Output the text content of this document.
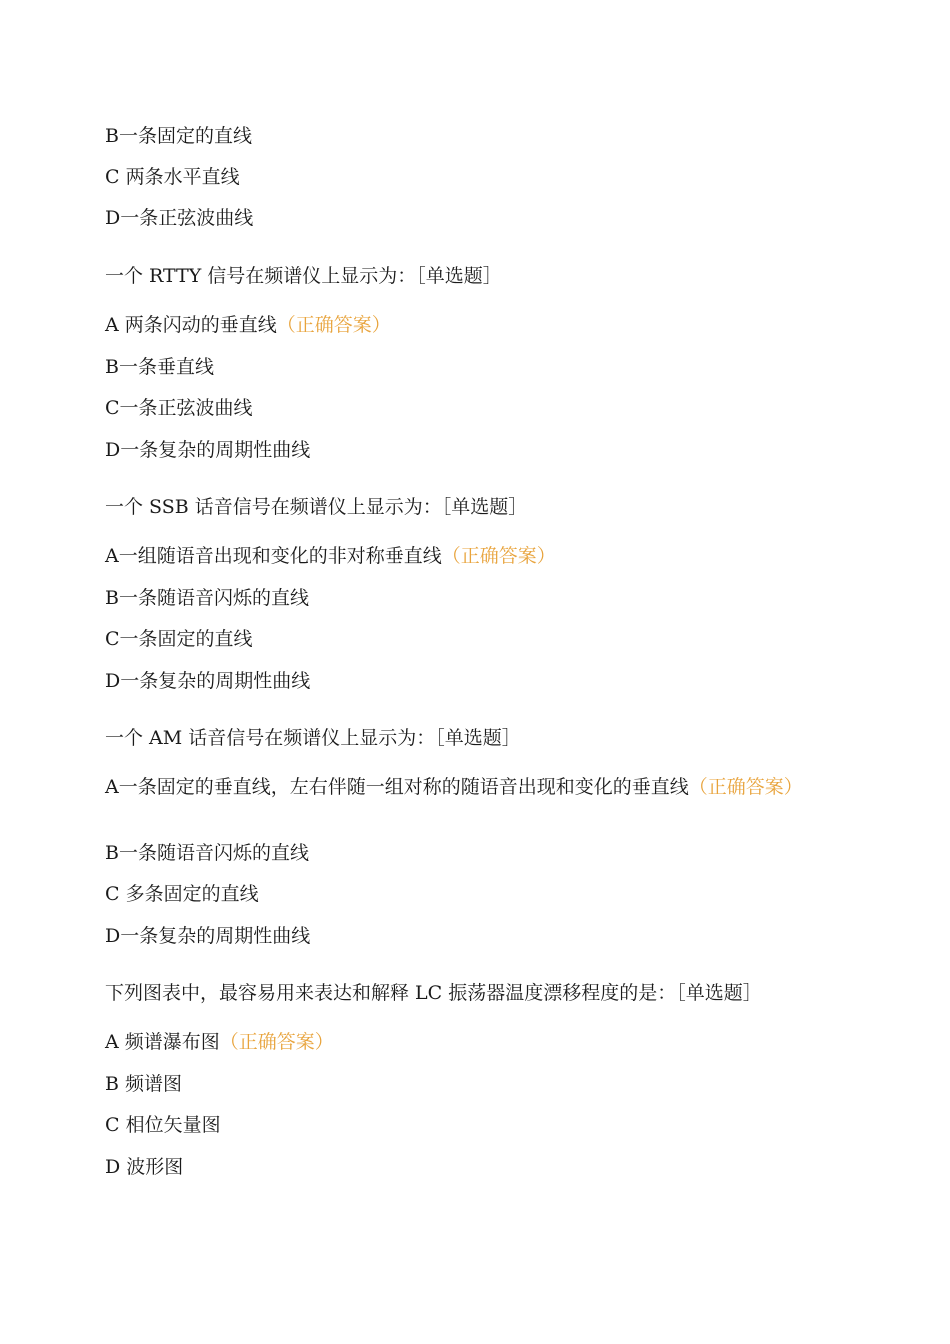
B一条固定的直线
C 两条水平直线
D一条正弦波曲线
一个 RTTY 信号在频谱仪上显示为：［单选题］
A 两条闪动的垂直线（正确答案）
B一条垂直线
C一条正弦波曲线
D一条复杂的周期性曲线
一个 SSB 话音信号在频谱仪上显示为：［单选题］
A一组随语音出现和变化的非对称垂直线（正确答案）
B一条随语音闪烁的直线
C一条固定的直线
D一条复杂的周期性曲线
一个 AM 话音信号在频谱仪上显示为：［单选题］
A一条固定的垂直线，左右伴随一组对称的随语音出现和变化的垂直线（正确答案）
B一条随语音闪烁的直线
C 多条固定的直线
D一条复杂的周期性曲线
下列图表中，最容易用来表达和解释 LC 振荡器温度漂移程度的是：［单选题］
A 频谱瀑布图（正确答案）
B 频谱图
C 相位矢量图
D 波形图
